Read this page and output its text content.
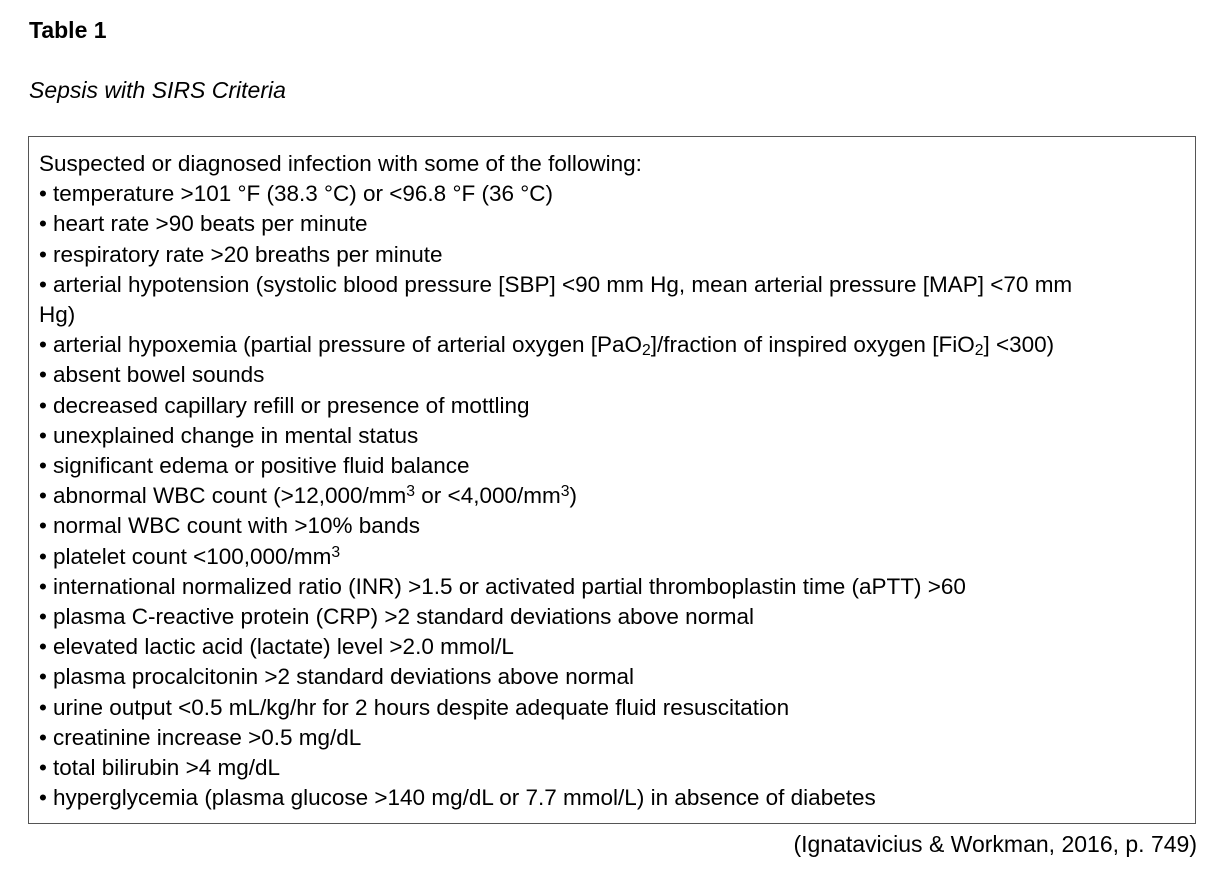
Table 1
Sepsis with SIRS Criteria
Suspected or diagnosed infection with some of the following:
• temperature >101 °F (38.3 °C) or <96.8 °F (36 °C)
• heart rate >90 beats per minute
• respiratory rate >20 breaths per minute
• arterial hypotension (systolic blood pressure [SBP] <90 mm Hg, mean arterial pressure [MAP] <70 mm Hg)
• arterial hypoxemia (partial pressure of arterial oxygen [PaO2]/fraction of inspired oxygen [FiO2] <300)
• absent bowel sounds
• decreased capillary refill or presence of mottling
• unexplained change in mental status
• significant edema or positive fluid balance
• abnormal WBC count ($>12,000/mm^3$ or $<4,000/mm^3$)
• normal WBC count with >10% bands
• platelet count $<100,000/mm^3$
• international normalized ratio (INR) >1.5 or activated partial thromboplastin time (aPTT) >60
• plasma C-reactive protein (CRP) >2 standard deviations above normal
• elevated lactic acid (lactate) level >2.0 mmol/L
• plasma procalcitonin >2 standard deviations above normal
• urine output <0.5 mL/kg/hr for 2 hours despite adequate fluid resuscitation
• creatinine increase >0.5 mg/dL
• total bilirubin >4 mg/dL
• hyperglycemia (plasma glucose >140 mg/dL or 7.7 mmol/L) in absence of diabetes
(Ignatavicius & Workman, 2016, p. 749)
